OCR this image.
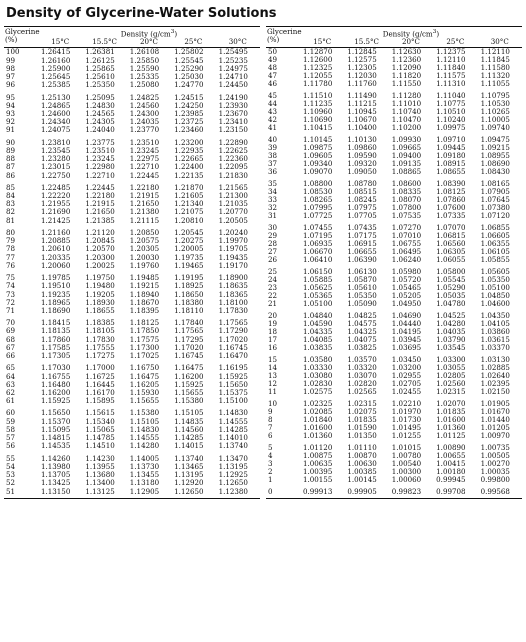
Density of Glycerine-Water Solutions
Glycerine
(%)	Density $(g/cm^3)$				
	15°C	15.5°C	20°C	25°C	30°C
100	1.26415	1.26381	1.26108	1.25802	1.25495
99	1.26160	1.26125	1.25850	1.25545	1.25235
98	1.25900	1.25865	1.25590	1.25290	1.24975
97	1.25645	1.25610	1.25335	1.25030	1.24710
96	1.25385	1.25350	1.25080	1.24770	1.24450
95	1.25130	1.25095	1.24825	1.24515	1.24190
94	1.24865	1.24830	1.24560	1.24250	1.23930
93	1.24600	1.24565	1.24300	1.23985	1.23670
92	1.24340	1.24305	1.24035	1.23725	1.23410
91	1.24075	1.24040	1.23770	1.23460	1.23150
90	1.23810	1.23775	1.23510	1.23200	1.22890
89	1.23545	1.23510	1.23245	1.22935	1.22625
88	1.23280	1.23245	1.22975	1.22665	1.22360
87	1.23015	1.22980	1.22710	1.22400	1.22095
86	1.22750	1.22710	1.22445	1.22135	1.21830
85	1.22485	1.22445	1.22180	1.21870	1.21565
84	1.22220	1.22180	1.21915	1.21605	1.21300
83	1.21955	1.21915	1.21650	1.21340	1.21035
82	1.21690	1.21650	1.21380	1.21075	1.20770
81	1.21425	1.21385	1.21115	1.20810	1.20505
80	1.21160	1.21120	1.20850	1.20545	1.20240
79	1.20885	1.20845	1.20575	1.20275	1.19970
78	1.20610	1.20570	1.20305	1.20005	1.19705
77	1.20335	1.20300	1.20030	1.19735	1.19435
76	1.20060	1.20025	1.19760	1.19465	1.19170
75	1.19785	1.19750	1.19485	1.19195	1.18900
74	1.19510	1.19480	1.19215	1.18925	1.18635
73	1.19235	1.19205	1.18940	1.18650	1.18365
72	1.18965	1.18930	1.18670	1.18380	1.18100
71	1.18690	1.18655	1.18395	1.18110	1.17830
70	1.18415	1.18385	1.18125	1.17840	1.17565
69	1.18135	1.18105	1.17850	1.17565	1.17290
68	1.17860	1.17830	1.17575	1.17295	1.17020
67	1.17585	1.17555	1.17300	1.17020	1.16745
66	1.17305	1.17275	1.17025	1.16745	1.16470
65	1.17030	1.17000	1.16750	1.16475	1.16195
64	1.16755	1.16725	1.16475	1.16200	1.15925
63	1.16480	1.16445	1.16205	1.15925	1.15650
62	1.16200	1.16170	1.15930	1.15655	1.15375
61	1.15925	1.15895	1.15655	1.15380	1.15100
60	1.15650	1.15615	1.15380	1.15105	1.14830
59	1.15370	1.15340	1.15105	1.14835	1.14555
58	1.15095	1.15065	1.14830	1.14560	1.14285
57	1.14815	1.14785	1.14555	1.14285	1.14010
56	1.14535	1.14510	1.14280	1.14015	1.13740
55	1.14260	1.14230	1.14005	1.13740	1.13470
54	1.13980	1.13955	1.13730	1.13465	1.13195
53	1.13705	1.13680	1.13455	1.13195	1.12925
52	1.13425	1.13400	1.13180	1.12920	1.12650
51	1.13150	1.13125	1.12905	1.12650	1.12380
Glycerine
(%)	Density $(g/cm^3)$				
	15°C	15.5°C	20°C	25°C	30°C
50	1.12870	1.12845	1.12630	1.12375	1.12110
49	1.12600	1.12575	1.12360	1.12110	1.11845
48	1.12325	1.12305	1.12090	1.11840	1.11580
47	1.12055	1.12030	1.11820	1.11575	1.11320
46	1.11780	1.11760	1.11550	1.11310	1.11055
45	1.11510	1.11490	1.11280	1.11040	1.10795
44	1.11235	1.11215	1.11010	1.10775	1.10530
43	1.10960	1.10945	1.10740	1.10510	1.10265
42	1.10690	1.10670	1.10470	1.10240	1.10005
41	1.10415	1.10400	1.10200	1.09975	1.09740
40	1.10145	1.10130	1.09930	1.09710	1.09475
39	1.09875	1.09860	1.09665	1.09445	1.09215
38	1.09605	1.09590	1.09400	1.09180	1.08955
37	1.09340	1.09320	1.09135	1.08915	1.08690
36	1.09070	1.09050	1.08865	1.08655	1.08430
35	1.08800	1.08780	1.08600	1.08390	1.08165
34	1.08530	1.08515	1.08335	1.08125	1.07905
33	1.08265	1.08245	1.08070	1.07860	1.07645
32	1.07995	1.07975	1.07800	1.07600	1.07380
31	1.07725	1.07705	1.07535	1.07335	1.07120
30	1.07455	1.07435	1.07270	1.07070	1.06855
29	1.07195	1.07175	1.07010	1.06815	1.06605
28	1.06935	1.06915	1.06755	1.06560	1.06355
27	1.06670	1.06655	1.06495	1.06305	1.06105
26	1.06410	1.06390	1.06240	1.06055	1.05855
25	1.06150	1.06130	1.05980	1.05800	1.05605
24	1.05885	1.05870	1.05720	1.05545	1.05350
23	1.05625	1.05610	1.05465	1.05290	1.05100
22	1.05365	1.05350	1.05205	1.05035	1.04850
21	1.05100	1.05090	1.04950	1.04780	1.04600
20	1.04840	1.04825	1.04690	1.04525	1.04350
19	1.04590	1.04575	1.04440	1.04280	1.04105
18	1.04335	1.04325	1.04195	1.04035	1.03860
17	1.04085	1.04075	1.03945	1.03790	1.03615
16	1.03835	1.03825	1.03695	1.03545	1.03370
15	1.03580	1.03570	1.03450	1.03300	1.03130
14	1.03330	1.03320	1.03200	1.03055	1.02885
13	1.03080	1.03070	1.02955	1.02805	1.02640
12	1.02830	1.02820	1.02705	1.02560	1.02395
11	1.02575	1.02565	1.02455	1.02315	1.02150
10	1.02325	1.02315	1.02210	1.02070	1.01905
9	1.02085	1.02075	1.01970	1.01835	1.01670
8	1.01840	1.01835	1.01730	1.01600	1.01440
7	1.01600	1.01590	1.01495	1.01360	1.01205
6	1.01360	1.01350	1.01255	1.01125	1.00970
5	1.01120	1.01110	1.01015	1.00890	1.00735
4	1.00875	1.00870	1.00780	1.00655	1.00505
3	1.00635	1.00630	1.00540	1.00415	1.00270
2	1.00395	1.00385	1.00300	1.00180	1.00035
1	1.00155	1.00145	1.00060	0.99945	0.99800
0	0.99913	0.99905	0.99823	0.99708	0.99568
